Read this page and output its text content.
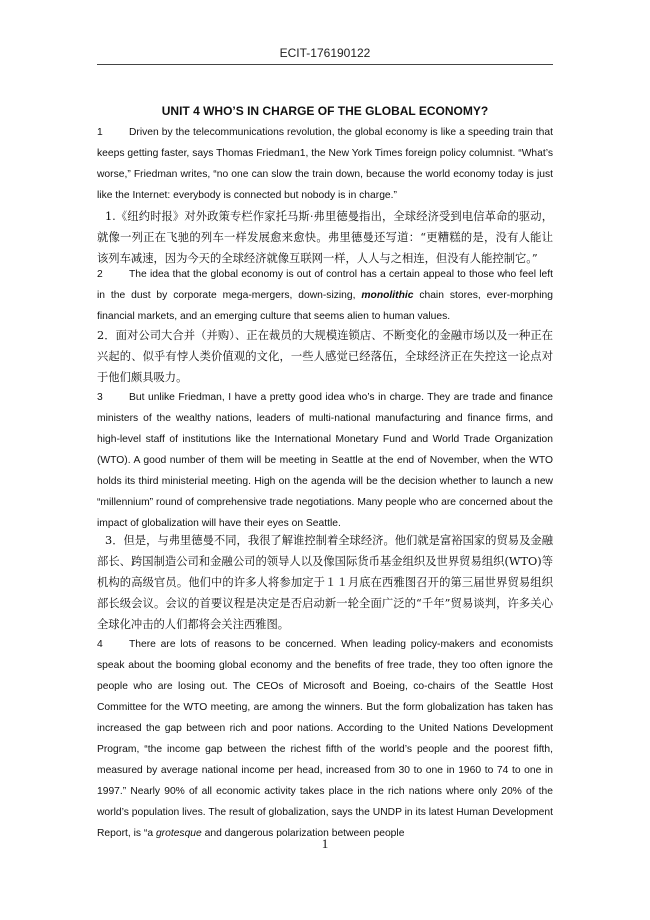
ECIT-176190122
UNIT 4 WHO’S IN CHARGE OF THE GLOBAL ECONOMY?

1	Driven by the telecommunications revolution, the global economy is like a speeding train that keeps getting faster, says Thomas Friedman1, the New York Times foreign policy columnist. “What’s worse,” Friedman writes, “no one can slow the train down, because the world economy today is just like the Internet: everybody is connected but nobody is in charge.”

1.《纽约时报》对外政策专栏作家托马斯·弗里德曼指出，全球经济受到电信革命的驱动，就像一列正在飞驰的列车一样发展愈来愈快。弗里德曼还写道：“更糟糕的是，没有人能让该列车减速，因为今天的全球经济就像互联网一样，人人与之相连，但没有人能控制它。”

2	The idea that the global economy is out of control has a certain appeal to those who feel left in the dust by corporate mega-mergers, down-sizing, monolithic chain stores, ever-morphing financial markets, and an emerging culture that seems alien to human values.

2．面对公司大合并（并购）、正在裁员的大规模连锁店、不断变化的金融市场以及一种正在兴起的、似乎有悖人类价值观的文化，一些人感觉已经落伍，全球经济正在失控这一论点对于他们颇具吸力。

3	But unlike Friedman, I have a pretty good idea who’s in charge. They are trade and finance ministers of the wealthy nations, leaders of multi-national manufacturing and finance firms, and high-level staff of institutions like the International Monetary Fund and World Trade Organization (WTO). A good number of them will be meeting in Seattle at the end of November, when the WTO holds its third ministerial meeting. High on the agenda will be the decision whether to launch a new “millennium” round of comprehensive trade negotiations. Many people who are concerned about the impact of globalization will have their eyes on Seattle.

3．但是，与弗里德曼不同，我很了解谁控制着全球经济。他们就是富裕国家的贸易及金融部长、跨国制造公司和金融公司的领导人以及像国际货币基金组织及世界贸易组织(WTO)等机构的高级官员。他们中的许多人将参加定于１１月底在西雅图召开的第三届世界贸易组织部长级会议。会议的首要议程是决定是否启动新一轮全面广泛的“千年”贸易谈判，许多关心全球化冲击的人们都将会关注西雅图。

4	There are lots of reasons to be concerned. When leading policy-makers and economists speak about the booming global economy and the benefits of free trade, they too often ignore the people who are losing out. The CEOs of Microsoft and Boeing, co-chairs of the Seattle Host Committee for the WTO meeting, are among the winners. But the form globalization has taken has increased the gap between rich and poor nations. According to the United Nations Development Program, “the income gap between the richest fifth of the world’s people and the poorest fifth, measured by average national income per head, increased from 30 to one in 1960 to 74 to one in 1997.” Nearly 90% of all economic activity takes place in the rich nations where only 20% of the world’s population lives. The result of globalization, says the UNDP in its latest Human Development Report, is “a grotesque and dangerous polarization between people

1
